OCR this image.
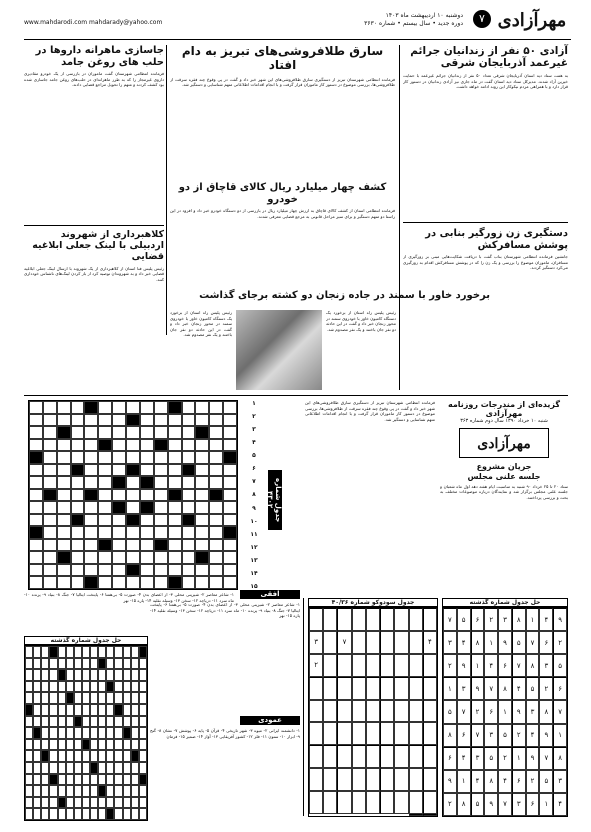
مهرآزادی
۷
دوشنبه ۱۰ اردیبهشت ماه ۱۴۰۳
دوره جدید • سال بیستم • شماره ۳۶۳۰
www.mahdarodi.com mahdarady@yahoo.com
جاسازی ماهرانه داروها در حلب های روغن جامد
فرمانده انتظامی شهرستان گفت ماموران در بازرسی از یک خودرو مقادیری داروی غیرمجاز را که به طرز ماهرانه‌ای در حلب‌های روغن جامد جاسازی شده بود کشف کردند و متهم را تحویل مراجع قضایی دادند.
کلاهبرداری از شهروند اردبیلی با لینک جعلی ابلاغیه قضایی
رئیس پلیس فتا استان از کلاهبرداری از یک شهروند با ارسال لینک جعلی ابلاغیه قضایی خبر داد و به شهروندان توصیه کرد از باز کردن لینک‌های ناشناس خودداری کنند.
سارق طلافروشی‌های تبریز به دام افتاد
فرمانده انتظامی شهرستان تبریز از دستگیری سارق طلافروشی‌های این شهر خبر داد و گفت در پی وقوع چند فقره سرقت از طلافروشی‌ها، بررسی موضوع در دستور کار ماموران قرار گرفت و با انجام اقدامات اطلاعاتی متهم شناسایی و دستگیر شد.
کشف چهار میلیارد ریال کالای قاچاق از دو خودرو
فرمانده انتظامی استان از کشف کالای قاچاق به ارزش چهار میلیارد ریال در بازرسی از دو دستگاه خودرو خبر داد و افزود در این راستا دو متهم دستگیر و برای سیر مراحل قانونی به مرجع قضایی معرفی شدند.
برخورد خاور با سمند در جاده زنجان دو کشته برجای گذاشت
رئیس پلیس راه استان از برخورد یک دستگاه کامیون خاور با خودروی سمند در محور زنجان خبر داد و گفت در این حادثه دو نفر جان باختند و یک نفر مصدوم شد.
رئیس پلیس راه استان از برخورد یک دستگاه کامیون خاور با خودروی سمند در محور زنجان خبر داد و گفت در این حادثه دو نفر جان باختند و یک نفر مصدوم شد.
آزادی ۵۰ نفر از زندانیان جرائم غیرعمد آذربایجان شرقی
به همت ستاد دیه استان آذربایجان شرقی تعداد ۵۰ نفر از زندانیان جرائم غیرعمد با حمایت خیرین آزاد شدند. مدیرکل ستاد دیه استان گفت در ماه جاری نیز آزادی زندانیان در دستور کار قرار دارد و با همراهی مردم نیکوکار این روند ادامه خواهد داشت.
دستگیری زن زورگیر بنابی در پوشش مسافرکش
جانشین فرمانده انتظامی شهرستان بناب گفت با دریافت شکایت‌هایی مبنی بر زورگیری از مسافران، ماموران موضوع را بررسی و یک زن را که در پوشش مسافرکش اقدام به زورگیری می‌کرد دستگیر کردند.
گزیده‌ای از مندرجات روزنامه مهرآزادی
شنبه ۱۰ خرداد ۱۳۹۰ سال دوم شماره ۳۶۳
مهرآزادی
جریان مشروع
جلسه علنی مجلس
ستاد ۲۰ تا ۲۵ خرداد ۹۰ شنبه به مناسبت ایام هفته دهه اول ماه شعبان و جلسه علنی مجلس برگزار شد و نمایندگان درباره موضوعات مختلف به بحث و بررسی پرداختند.
فرمانده انتظامی شهرستان تبریز از دستگیری سارق طلافروشی‌های این شهر خبر داد و گفت در پی وقوع چند فقره سرقت از طلافروشی‌ها، بررسی موضوع در دستور کار ماموران قرار گرفت و با انجام اقدامات اطلاعاتی متهم شناسایی و دستگیر شد.
۱
۲
۳
۴
۵
۶
۷
۸
۹
۱۰
۱۱
۱۲
۱۳
۱۴
۱۵
جدول شماره ۴۳۰۲
افقی
۱- شاعر معاصر ۲- شیرینی محلی ۳- از اعضای بدن ۴- صورت ۵- بی‌همتا ۶- پایتخت ایتالیا ۷- جنگ ۸- بنیاد ۹- پرنده ۱۰- ماه سرد ۱۱- دریاچه ۱۲- سخن ۱۳- وسیله نقلیه ۱۴- پاره ۱۵- نهر
۱- شاعر معاصر ۲- شیرینی محلی ۳- از اعضای بدن ۴- صورت ۵- بی‌همتا ۶- پایتخت ایتالیا ۷- جنگ ۸- بنیاد ۹- پرنده ۱۰- ماه سرد ۱۱- دریاچه ۱۲- سخن ۱۳- وسیله نقلیه ۱۴- پاره ۱۵- نهر
عمودی
۱- دانشمند ایرانی ۲- میوه ۳- شهر تاریخی ۴- قرآن ۵- پایه ۶- پوشش ۷- نشان ۸- گنج ۹- ابزار ۱۰- ستون ۱۱- فلز ۱۲- کشور آفریقایی ۱۳- آواز ۱۴- ضمیر ۱۵- فرمان
حل جدول شماره گذشته
جدول سودوکو شماره ۴۰/۳۶
۴
۷
۳
۲
حل جدول شماره گذشته
۹
۴
۱
۸
۳
۲
۶
۵
۷
۲
۶
۷
۵
۹
۱
۸
۴
۳
۵
۳
۸
۷
۶
۴
۱
۹
۲
۶
۲
۵
۴
۸
۷
۹
۳
۱
۷
۸
۳
۹
۱
۶
۲
۷
۵
۱
۹
۴
۲
۵
۳
۷
۶
۸
۸
۷
۹
۱
۲
۵
۳
۴
۶
۳
۵
۲
۶
۴
۸
۴
۱
۹
۴
۱
۶
۳
۷
۹
۵
۸
۲
